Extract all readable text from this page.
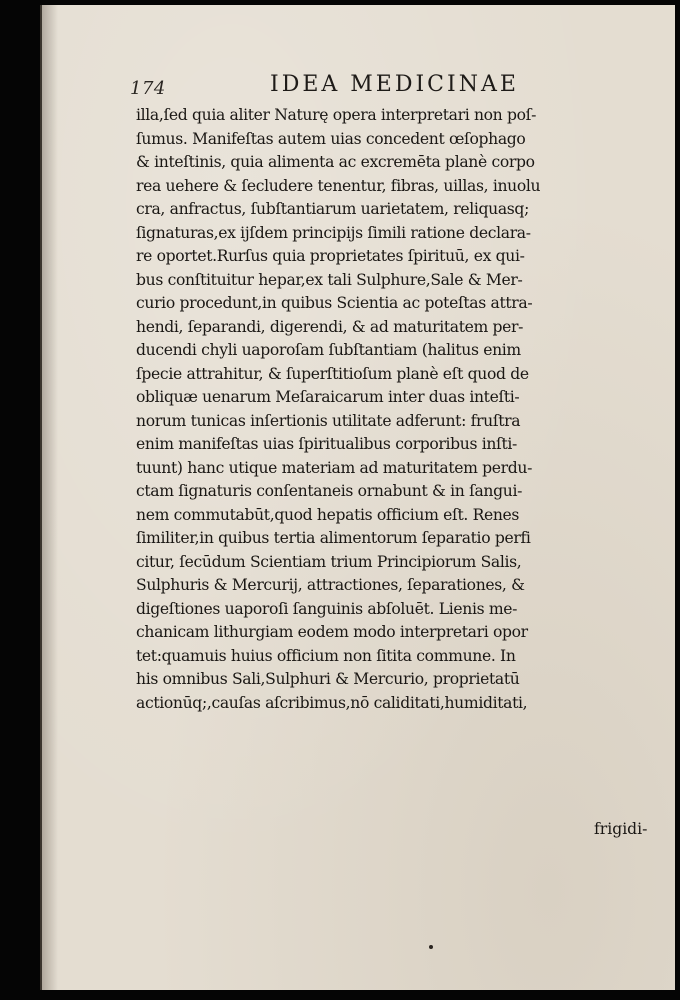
174	IDEA MEDICINAE
illa,ſed quia aliter Naturę opera interpretari non poſ-
ſumus. Manifeſtas autem uias concedent œſophago
& inteſtinis, quia alimenta ac excremēta planè corpo
rea uehere & ſecludere tenentur, fibras, uillas, inuolu
cra, anfractus, ſubſtantiarum uarietatem, reliquasq;
ſignaturas,ex ijſdem principijs ſimili ratione declara-
re oportet.Rurſus quia proprietates ſpirituū, ex qui-
bus conſtituitur hepar,ex tali Sulphure,Sale & Mer-
curio procedunt,in quibus Scientia ac poteſtas attra-
hendi, ſeparandi, digerendi, & ad maturitatem per-
ducendi chyli uaporoſam ſubſtantiam (halitus enim
ſpecie attrahitur, & ſuperſtitioſum planè eſt quod de
obliquæ uenarum Meſaraicarum inter duas inteſti-
norum tunicas inſertionis utilitate adferunt: fruſtra
enim manifeſtas uias ſpiritualibus corporibus inſti-
tuunt) hanc utique materiam ad maturitatem perdu-
ctam ſignaturis conſentaneis ornabunt & in ſangui-
nem commutabūt,quod hepatis officium eſt. Renes
ſimiliter,in quibus tertia alimentorum ſeparatio perfi
citur, ſecūdum Scientiam trium Principiorum Salis,
Sulphuris & Mercurij, attractiones, ſeparationes, &
digeſtiones uaporoſi ſanguinis abſoluēt. Lienis me-
chanicam lithurgiam eodem modo interpretari opor
tet:quamuis huius officium non ſitita commune. In
his omnibus Sali,Sulphuri & Mercurio, proprietatū
actionūq;,cauſas aſcribimus,nō caliditati,humiditati,
frigidi-
